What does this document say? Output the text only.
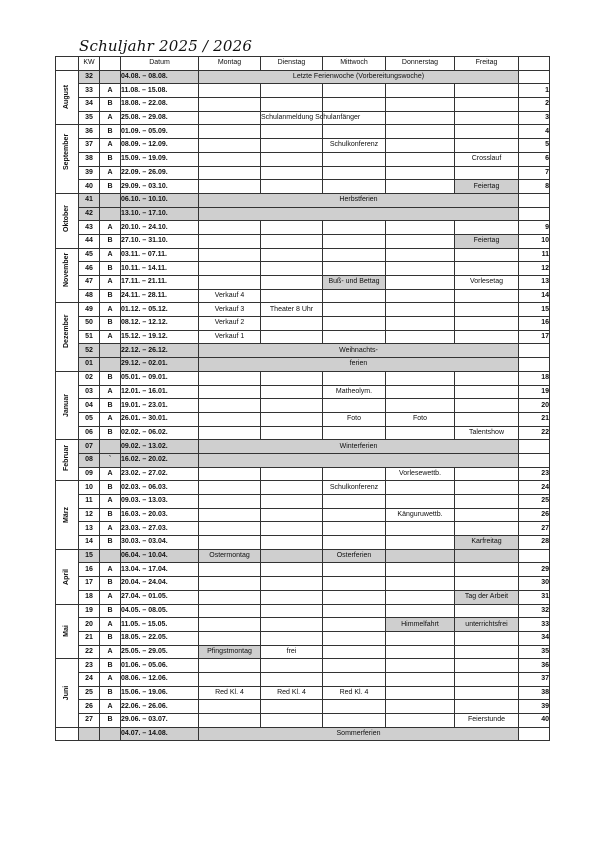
Schuljahr 2025 / 2026
	KW		Datum	Montag	Dienstag	Mittwoch	Donnerstag	Freitag	

August	32		04.08. – 08.08.	Letzte Ferienwoche (Vorbereitungswoche)					
	33	A	11.08. – 15.08.						1
	34	B	18.08. – 22.08.						2
	35	A	25.08. – 29.08.		Schulanmeldung Schulanfänger				3

September	36	B	01.09. – 05.09.						4
	37	A	08.09. – 12.09.			Schulkonferenz			5
	38	B	15.09. – 19.09.					Crosslauf	6
	39	A	22.09. – 26.09.						7
	40	B	29.09. – 03.10.					Feiertag	8

Oktober	41		06.10. – 10.10.	Herbstferien					
	42		13.10. – 17.10.						
	43	A	20.10. – 24.10.						9
	44	B	27.10. – 31.10.					Feiertag	10

November	45	A	03.11. – 07.11.						11
	46	B	10.11. – 14.11.						12
	47	A	17.11. – 21.11.			Buß- und Bettag		Vorlesetag	13
	48	B	24.11. – 28.11.	Verkauf 4					14

Dezember	49	A	01.12. – 05.12.	Verkauf 3	Theater 8 Uhr				15
	50	B	08.12. – 12.12.	Verkauf 2					16
	51	A	15.12. – 19.12.	Verkauf 1					17
	52		22.12. – 26.12.	Weihnachts-					
	01		29.12. – 02.01.	ferien					

Januar	02	B	05.01. – 09.01.						18
	03	A	12.01. – 16.01.			Matheolym.			19
	04	B	19.01. – 23.01.						20
	05	A	26.01. – 30.01.			Foto	Foto		21
	06	B	02.02. – 06.02.					Talentshow	22

Februar	07		09.02. – 13.02.	Winterferien					
	08	`	16.02. – 20.02.						
	09	A	23.02. – 27.02.				Vorlesewettb.		23

März	10	B	02.03. – 06.03.			Schulkonferenz			24
	11	A	09.03. – 13.03.						25
	12	B	16.03. – 20.03.				Känguruwettb.		26
	13	A	23.03. – 27.03.						27
	14	B	30.03. – 03.04.					Karfreitag	28

April	15		06.04. – 10.04.	Ostermontag		Osterferien			
	16	A	13.04. – 17.04.						29
	17	B	20.04. – 24.04.						30
	18	A	27.04. – 01.05.					Tag der Arbeit	31

Mai	19	B	04.05. – 08.05.						32
	20	A	11.05. – 15.05.				Himmelfahrt	unterrichtsfrei	33
	21	B	18.05. – 22.05.						34
	22	A	25.05. – 29.05.	Pfingstmontag	frei				35

Juni	23	B	01.06. – 05.06.						36
	24	A	08.06. – 12.06.						37
	25	B	15.06. – 19.06.	Red Kl. 4	Red Kl. 4	Red Kl. 4			38
	26	A	22.06. – 26.06.						39
	27	B	29.06. – 03.07.					Feierstunde	40

			04.07. – 14.08.	Sommerferien					
